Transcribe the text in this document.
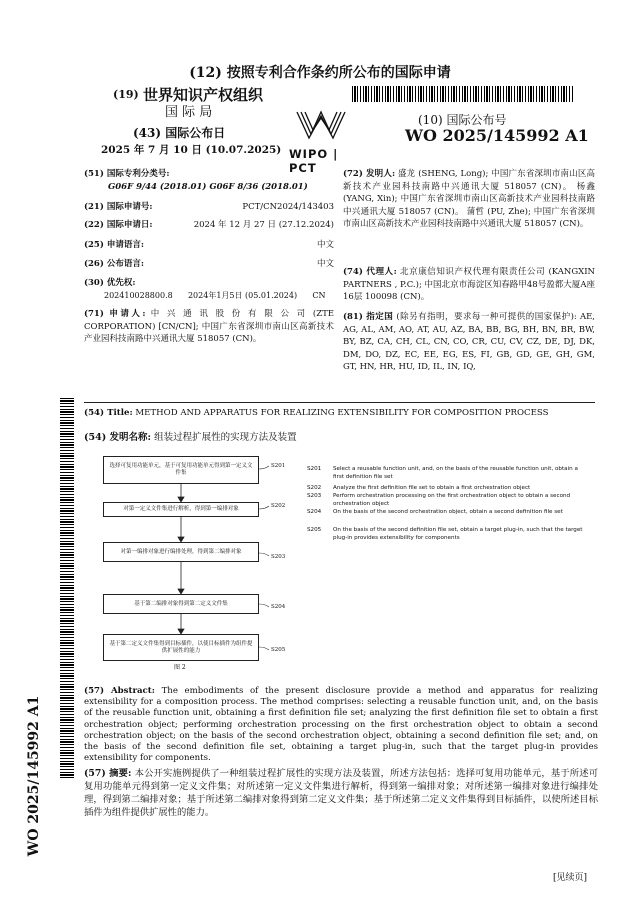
(12) 按照专利合作条约所公布的国际申请
(19) 世界知识产权组织
国 际 局
(43) 国际公布日
2025 年 7 月 10 日 (10.07.2025) WIPO | PCT
(10) 国际公布号
WO 2025/145992 A1
(51) 国际专利分类号:
G06F 9/44 (2018.01) G06F 8/36 (2018.01)
(21) 国际申请号:	PCT/CN2024/143403
(22) 国际申请日:	2024 年 12 月 27 日 (27.12.2024)
(25) 申请语言:	中文
(26) 公布语言:	中文
(30) 优先权:
202410028800.8      2024年1月5日 (05.01.2024)      CN
(71) 申请人: 中 兴 通 讯 股 份 有 限 公 司 (ZTE CORPORATION) [CN/CN]; 中国广东省深圳市南山区高新技术产业园科技南路中兴通讯大厦 518057 (CN)。
(72) 发明人: 盛龙 (SHENG, Long); 中国广东省深圳市南山区高新技术产业园科技南路中兴通讯大厦 518057 (CN)。 杨鑫 (YANG, Xin); 中国广东省深圳市南山区高新技术产业园科技南路中兴通讯大厦 518057 (CN)。 蒲哲 (PU, Zhe); 中国广东省深圳市南山区高新技术产业园科技南路中兴通讯大厦 518057 (CN)。
(74) 代理人: 北京康信知识产权代理有限责任公司 (KANGXIN PARTNERS , P.C.); 中国北京市海淀区知春路甲48号盈都大厦A座16层 100098 (CN)。
(81) 指定国 (除另有指明，要求每一种可提供的国家保护): AE, AG, AL, AM, AO, AT, AU, AZ, BA, BB, BG, BH, BN, BR, BW, BY, BZ, CA, CH, CL, CN, CO, CR, CU, CV, CZ, DE, DJ, DK, DM, DO, DZ, EC, EE, EG, ES, FI, GB, GD, GE, GH, GM, GT, HN, HR, HU, ID, IL, IN, IQ,
WO 2025/145992 A1
(54) Title: METHOD AND APPARATUS FOR REALIZING EXTENSIBILITY FOR COMPOSITION PROCESS
(54) 发明名称: 组装过程扩展性的实现方法及装置
选择可复用功能单元，基于可复用功能单元得到第一定义文件集
对第一定义文件集进行解析，得到第一编排对象
对第一编排对象进行编排处理，得到第二编排对象
基于第二编排对象得到第二定义文件集
基于第二定义文件集得到目标插件，以使目标插件为组件提供扩展性的能力
S201
S202
S203
S204
S205
图 2
S201 Select a reusable function unit, and, on the basis of the reusable function unit, obtain a first definition file set
S202 Analyze the first definition file set to obtain a first orchestration object
S203 Perform orchestration processing on the first orchestration object to obtain a second orchestration object
S204 On the basis of the second orchestration object, obtain a second definition file set
S205 On the basis of the second definition file set, obtain a target plug-in, such that the target plug-in provides extensibility for components
(57) Abstract: The embodiments of the present disclosure provide a method and apparatus for realizing extensibility for a composition process. The method comprises: selecting a reusable function unit, and, on the basis of the reusable function unit, obtaining a first definition file set; analyzing the first definition file set to obtain a first orchestration object; performing orchestration processing on the first orchestration object to obtain a second orchestration object; on the basis of the second orchestration object, obtaining a second definition file set; and, on the basis of the second definition file set, obtaining a target plug-in, such that the target plug-in provides extensibility for components.
(57) 摘要: 本公开实施例提供了一种组装过程扩展性的实现方法及装置，所述方法包括：选择可复用功能单元，基于所述可复用功能单元得到第一定义文件集；对所述第一定义文件集进行解析，得到第一编排对象；对所述第一编排对象进行编排处理，得到第二编排对象；基于所述第二编排对象得到第二定义文件集；基于所述第二定义文件集得到目标插件，以使所述目标插件为组件提供扩展性的能力。
[见续页]
